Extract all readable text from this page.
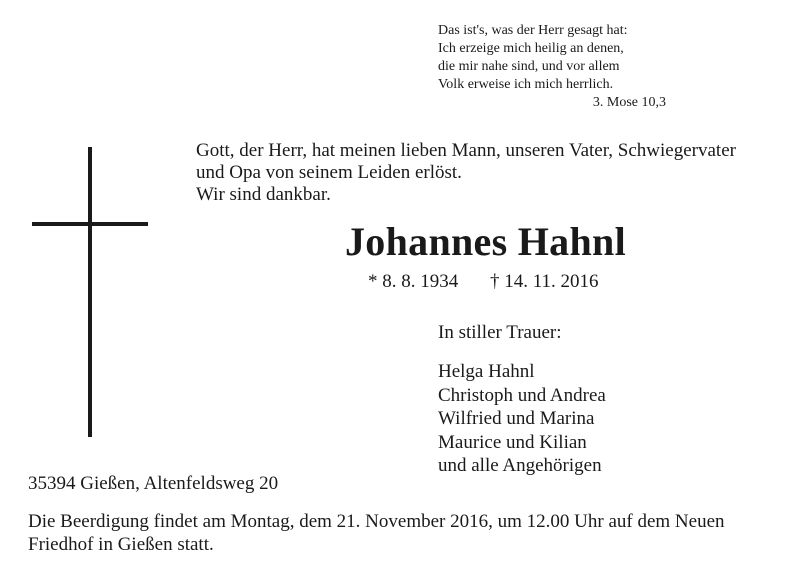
Das ist's, was der Herr gesagt hat:
Ich erzeige mich heilig an denen,
die mir nahe sind, und vor allem
Volk erweise ich mich herrlich.
3. Mose 10,3
Gott, der Herr, hat meinen lieben Mann, unseren Vater, Schwiegervater
und Opa von seinem Leiden erlöst.
Wir sind dankbar.
Johannes Hahnl
* 8. 8. 1934 † 14. 11. 2016
In stiller Trauer:
Helga Hahnl
Christoph und Andrea
Wilfried und Marina
Maurice und Kilian
und alle Angehörigen
35394 Gießen, Altenfeldsweg 20
Die Beerdigung findet am Montag, dem 21. November 2016, um 12.00 Uhr auf dem Neuen
Friedhof in Gießen statt.
